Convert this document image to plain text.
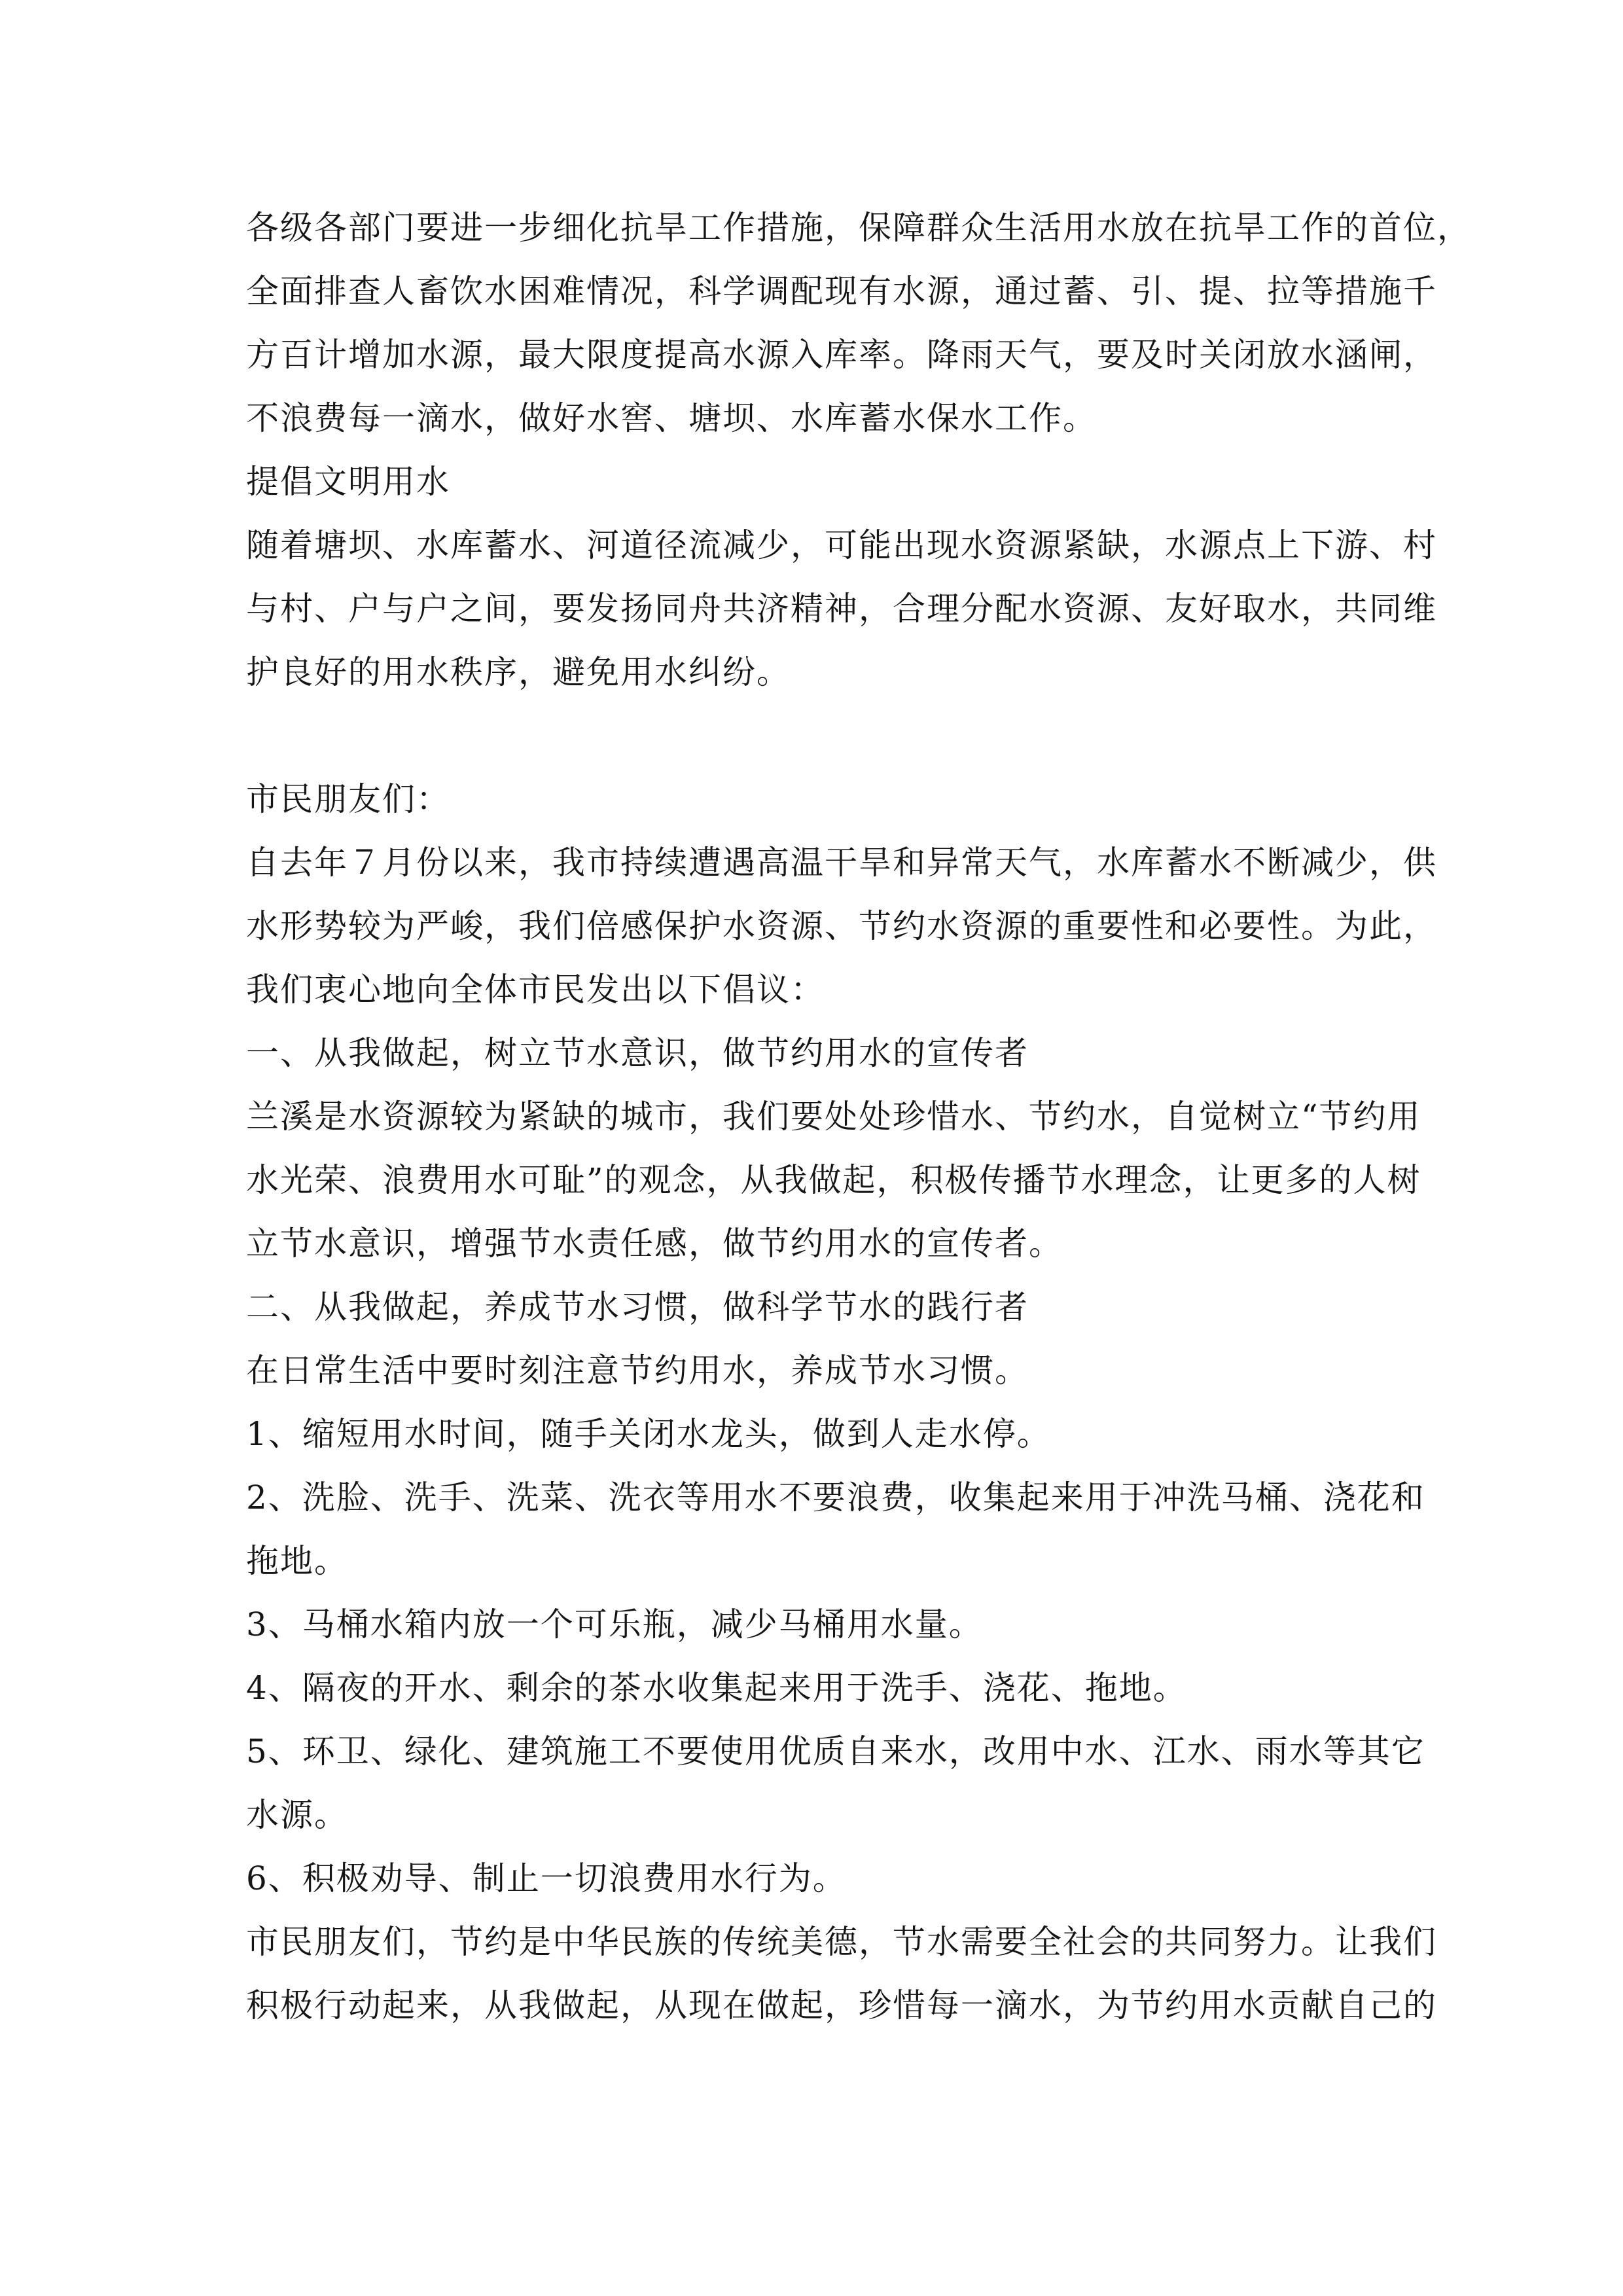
各级各部门要进一步细化抗旱工作措施，保障群众生活用水放在抗旱工作的首位，
全面排查人畜饮水困难情况，科学调配现有水源，通过蓄、引、提、拉等措施千
方百计增加水源，最大限度提高水源入库率。降雨天气，要及时关闭放水涵闸，
不浪费每一滴水，做好水窖、塘坝、水库蓄水保水工作。
提倡文明用水
随着塘坝、水库蓄水、河道径流减少，可能出现水资源紧缺，水源点上下游、村
与村、户与户之间，要发扬同舟共济精神，合理分配水资源、友好取水，共同维
护良好的用水秩序，避免用水纠纷。
市民朋友们：
自去年７月份以来，我市持续遭遇高温干旱和异常天气，水库蓄水不断减少，供
水形势较为严峻，我们倍感保护水资源、节约水资源的重要性和必要性。为此，
我们衷心地向全体市民发出以下倡议：
一、从我做起，树立节水意识，做节约用水的宣传者
兰溪是水资源较为紧缺的城市，我们要处处珍惜水、节约水，自觉树立“节约用
水光荣、浪费用水可耻”的观念，从我做起，积极传播节水理念，让更多的人树
立节水意识，增强节水责任感，做节约用水的宣传者。
二、从我做起，养成节水习惯，做科学节水的践行者
在日常生活中要时刻注意节约用水，养成节水习惯。
1、缩短用水时间，随手关闭水龙头，做到人走水停。
2、洗脸、洗手、洗菜、洗衣等用水不要浪费，收集起来用于冲洗马桶、浇花和
拖地。
3、马桶水箱内放一个可乐瓶，减少马桶用水量。
4、隔夜的开水、剩余的茶水收集起来用于洗手、浇花、拖地。
5、环卫、绿化、建筑施工不要使用优质自来水，改用中水、江水、雨水等其它
水源。
6、积极劝导、制止一切浪费用水行为。
市民朋友们，节约是中华民族的传统美德，节水需要全社会的共同努力。让我们
积极行动起来，从我做起，从现在做起，珍惜每一滴水，为节约用水贡献自己的
